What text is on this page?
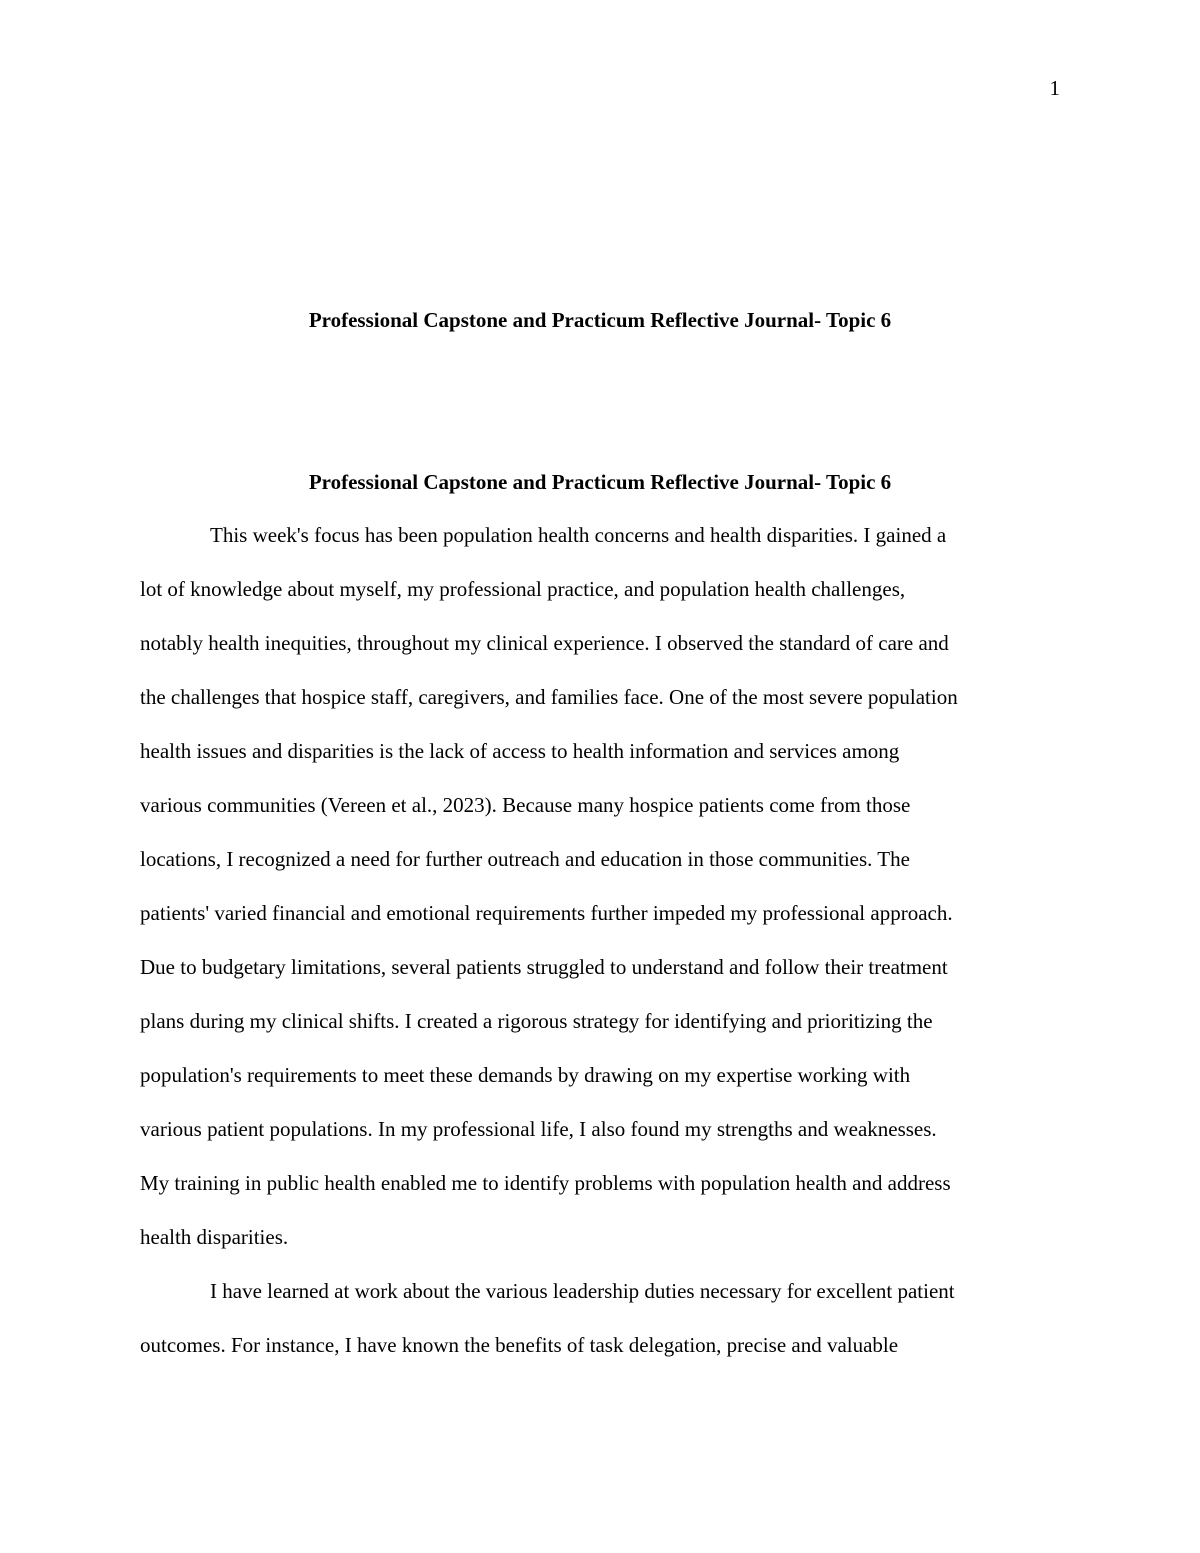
1
Professional Capstone and Practicum Reflective Journal- Topic 6
Professional Capstone and Practicum Reflective Journal- Topic 6
This week's focus has been population health concerns and health disparities. I gained a
lot of knowledge about myself, my professional practice, and population health challenges,
notably health inequities, throughout my clinical experience. I observed the standard of care and
the challenges that hospice staff, caregivers, and families face. One of the most severe population
health issues and disparities is the lack of access to health information and services among
various communities (Vereen et al., 2023). Because many hospice patients come from those
locations, I recognized a need for further outreach and education in those communities. The
patients' varied financial and emotional requirements further impeded my professional approach.
Due to budgetary limitations, several patients struggled to understand and follow their treatment
plans during my clinical shifts. I created a rigorous strategy for identifying and prioritizing the
population's requirements to meet these demands by drawing on my expertise working with
various patient populations. In my professional life, I also found my strengths and weaknesses.
My training in public health enabled me to identify problems with population health and address
health disparities.
I have learned at work about the various leadership duties necessary for excellent patient
outcomes. For instance, I have known the benefits of task delegation, precise and valuable
